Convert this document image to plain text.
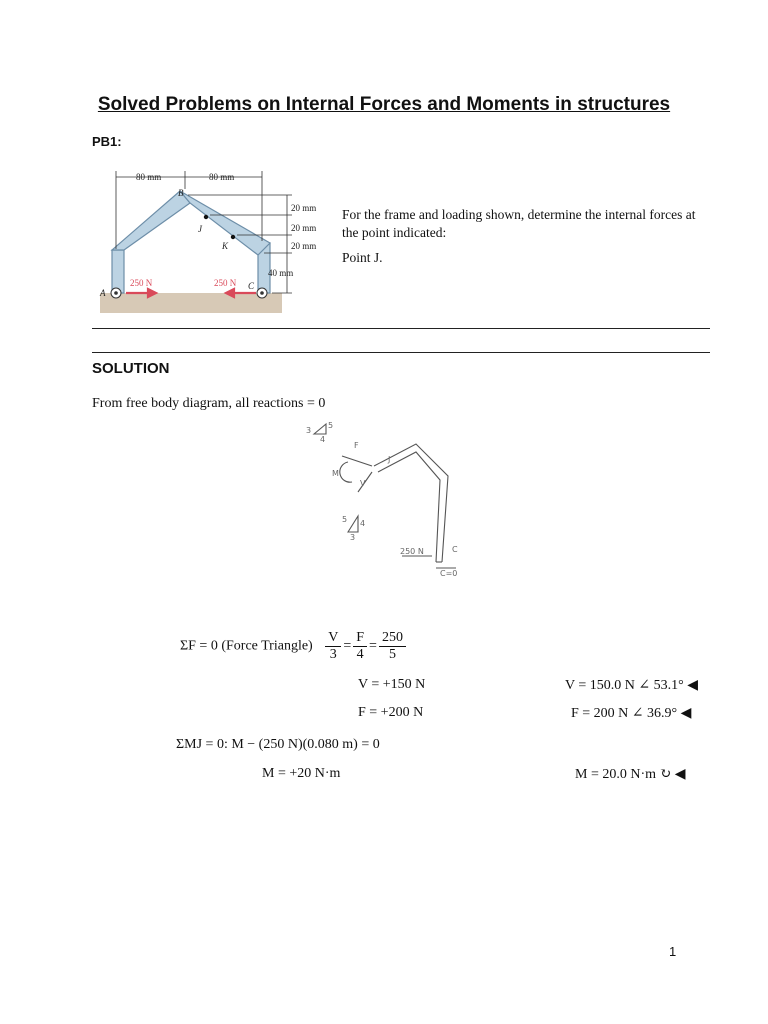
Solved Problems on Internal Forces and Moments in structures
PB1:
80 mm	80 mm
20 mm
20 mm
20 mm
40 mm
B
J
K
A
C
250 N	250 N
For the frame and loading shown, determine the internal forces at the point indicated:
Point J.
SOLUTION
From free body diagram, all reactions = 0
3
4
5
F
J
M
V
5 4
3
250 N	C
C=0
ΣF = 0 (Force Triangle) $\frac{V}{3} = \frac{F}{4} = \frac{250}{5}$
V = +150 N	V = 150.0 N ∠ 53.1° ◀
F = +200 N	F = 200 N ∠ 36.9° ◀
ΣMJ = 0: M − (250 N)(0.080 m) = 0
M = +20 N·m	M = 20.0 N·m ↻ ◀
1
